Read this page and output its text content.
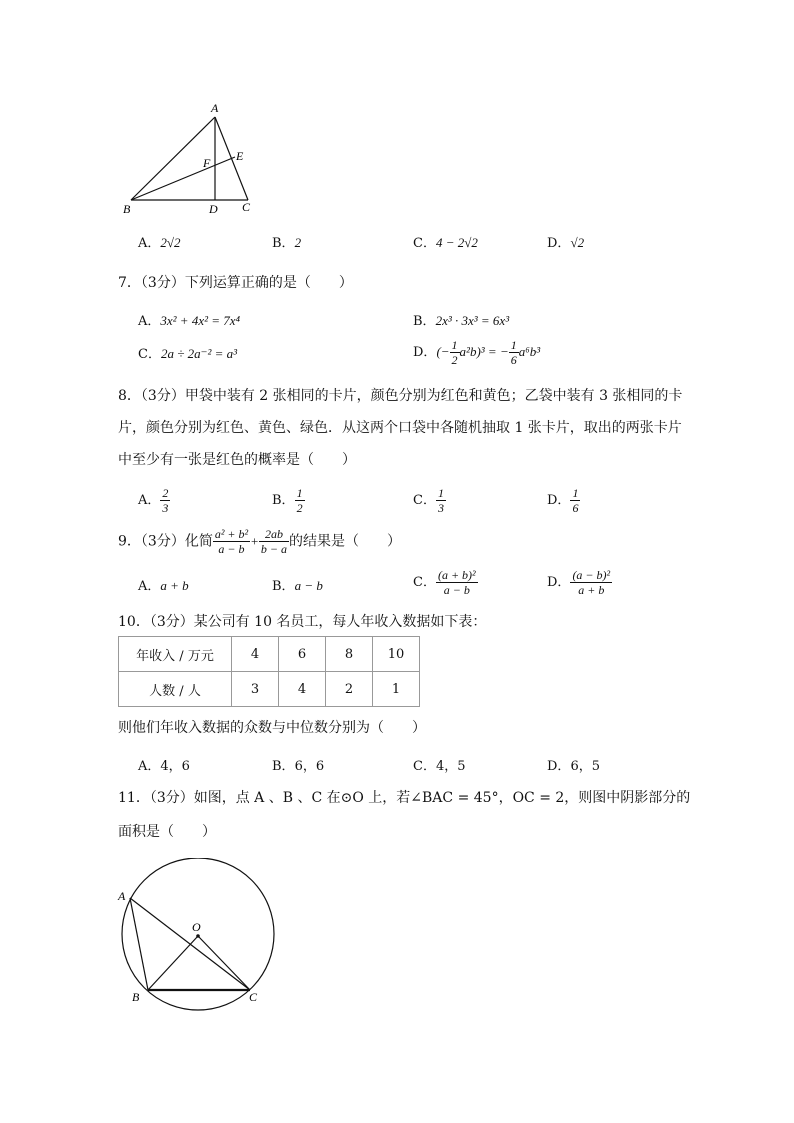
A
B	C
D
E
F
A．2√2	B．2	C．4 − 2√2	D．√2
7．（3分）下列运算正确的是（　　）
A．3x² + 4x² = 7x⁴	B．2x³ · 3x³ = 6x³
C．2a ÷ 2a⁻² = a³	D．(− $\frac{1}{2} a^2b)^3$ = − $\frac{1}{6} a^6b^3$
8．（3分）甲袋中装有 2 张相同的卡片，颜色分别为红色和黄色；乙袋中装有 3 张相同的卡
片，颜色分别为红色、黄色、绿色．从这两个口袋中各随机抽取 1 张卡片，取出的两张卡片
中至少有一张是红色的概率是（　　）
A． $\frac{2}{3}$	B． $\frac{1}{2}$	C． $\frac{1}{3}$	D． $\frac{1}{6}$
9．（3分）化简 $\frac{\text{a² + b²}}{a - b} + \frac{2ab}{b - a}$ 的结果是（　　）
A．a + b	B．a − b	C． $\frac{\text{(a + b)²}}{a - b}$	D． $\frac{\text{(a − b)²}}{a + b}$
10．（3分）某公司有 10 名员工，每人年收入数据如下表：
年收入 / 万元	4	6	8	10
人数 / 人	3	4	2	1
则他们年收入数据的众数与中位数分别为（　　）
A．4，6	B．6，6	C．4，5	D．6，5
11．（3分）如图，点 A 、B 、C 在⊙O 上，若∠BAC = 45°，OC = 2，则图中阴影部分的
面积是（　　）
A
O
B	C
